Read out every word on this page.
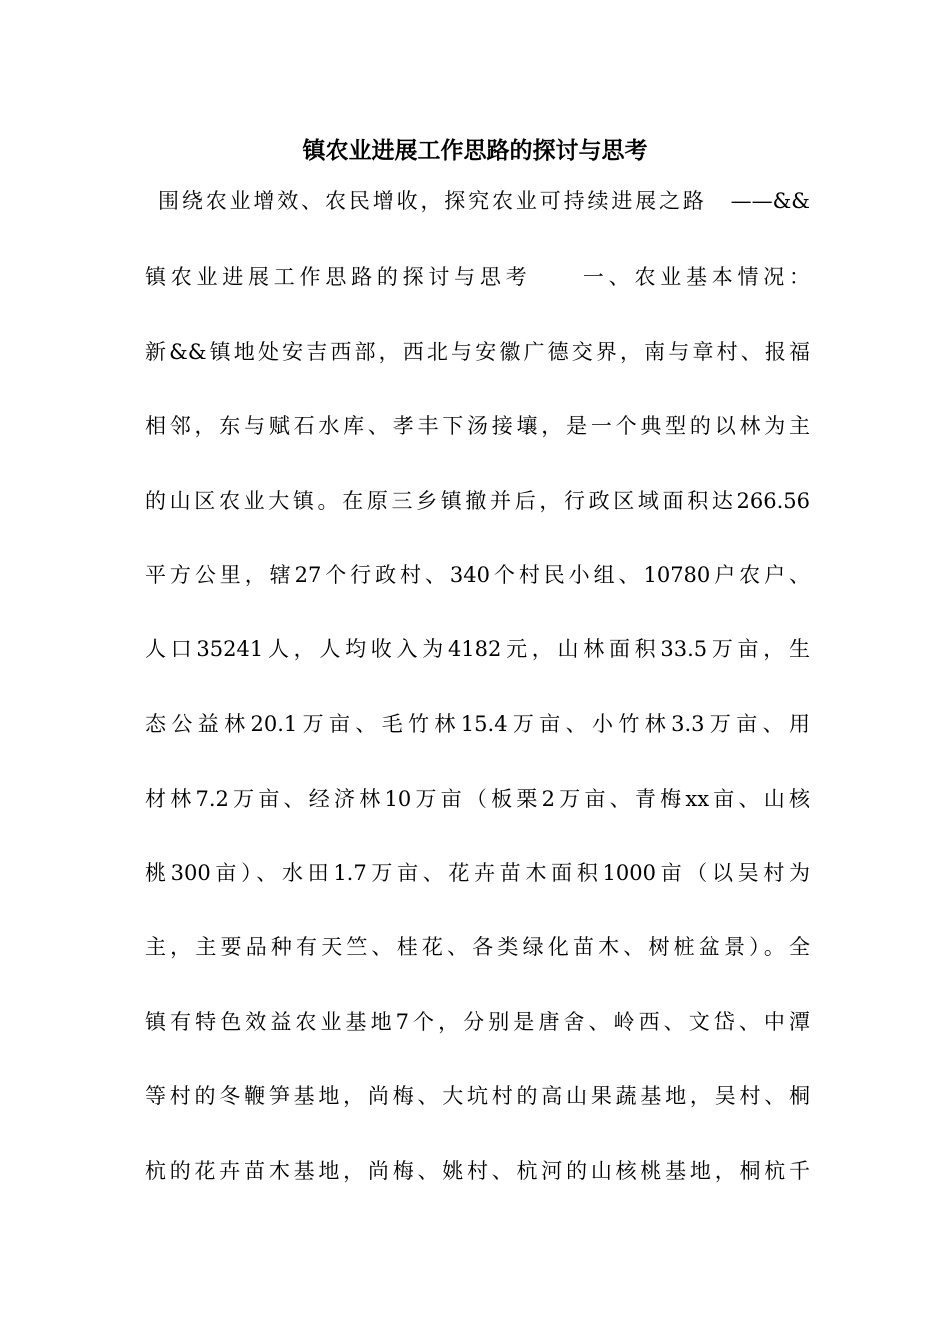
镇农业进展工作思路的探讨与思考
围绕农业增效、农民增收，探究农业可持续进展之路　——&&
镇农业进展工作思路的探讨与思考　　一、农业基本情况：
新&&镇地处安吉西部，西北与安徽广德交界，南与章村、报福
相邻，东与赋石水库、孝丰下汤接壤，是一个典型的以林为主
的山区农业大镇。在原三乡镇撤并后，行政区域面积达266.56
平方公里，辖27个行政村、340个村民小组、10780户农户、
人口35241人，人均收入为4182元，山林面积33.5万亩，生
态公益林20.1万亩、毛竹林15.4万亩、小竹林3.3万亩、用
材林7.2万亩、经济林10万亩（板栗2万亩、青梅xx亩、山核
桃300亩）、水田1.7万亩、花卉苗木面积1000亩（以吴村为
主，主要品种有天竺、桂花、各类绿化苗木、树桩盆景）。全
镇有特色效益农业基地7个，分别是唐舍、岭西、文岱、中潭
等村的冬鞭笋基地，尚梅、大坑村的高山果蔬基地，吴村、桐
杭的花卉苗木基地，尚梅、姚村、杭河的山核桃基地，桐杭千
